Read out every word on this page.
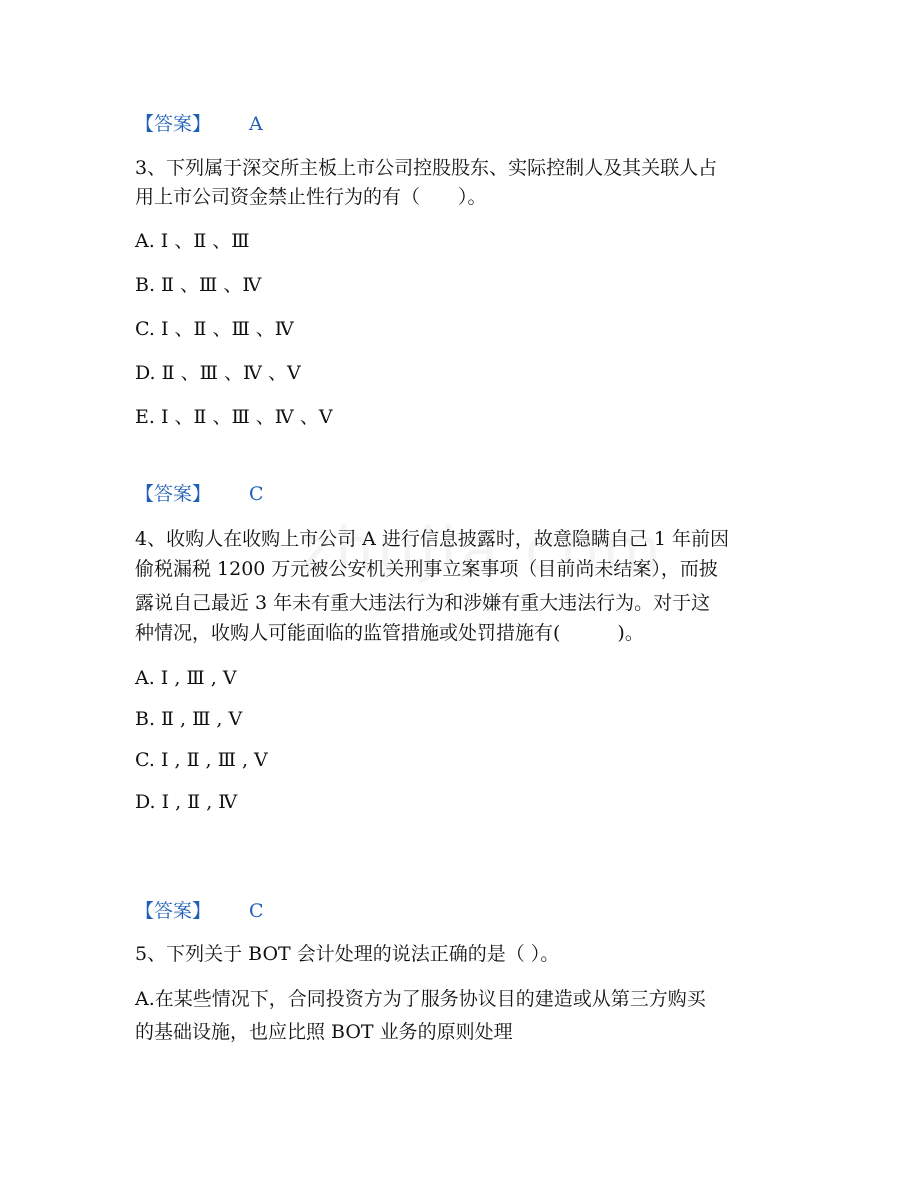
【答案】 A
3、下列属于深交所主板上市公司控股股东、实际控制人及其关联人占
用上市公司资金禁止性行为的有（　　）。
A. Ⅰ 、Ⅱ 、Ⅲ
B. Ⅱ 、Ⅲ 、Ⅳ
C. Ⅰ 、Ⅱ 、Ⅲ 、Ⅳ
D. Ⅱ 、Ⅲ 、Ⅳ 、Ⅴ
E. Ⅰ 、Ⅱ 、Ⅲ 、Ⅳ 、Ⅴ
【答案】 C
4、收购人在收购上市公司 A 进行信息披露时，故意隐瞒自己 1 年前因
偷税漏税 1200 万元被公安机关刑事立案事项（目前尚未结案），而披
露说自己最近 3 年未有重大违法行为和涉嫌有重大违法行为。对于这
种情况，收购人可能面临的监管措施或处罚措施有(　　　)。
A. Ⅰ , Ⅲ , Ⅴ
B. Ⅱ , Ⅲ , Ⅴ
C. Ⅰ , Ⅱ , Ⅲ , Ⅴ
D. Ⅰ , Ⅱ , Ⅳ
【答案】 C
5、下列关于 BOT 会计处理的说法正确的是（ ）。
A.在某些情况下，合同投资方为了服务协议目的建造或从第三方购买
的基础设施，也应比照 BOT 业务的原则处理
